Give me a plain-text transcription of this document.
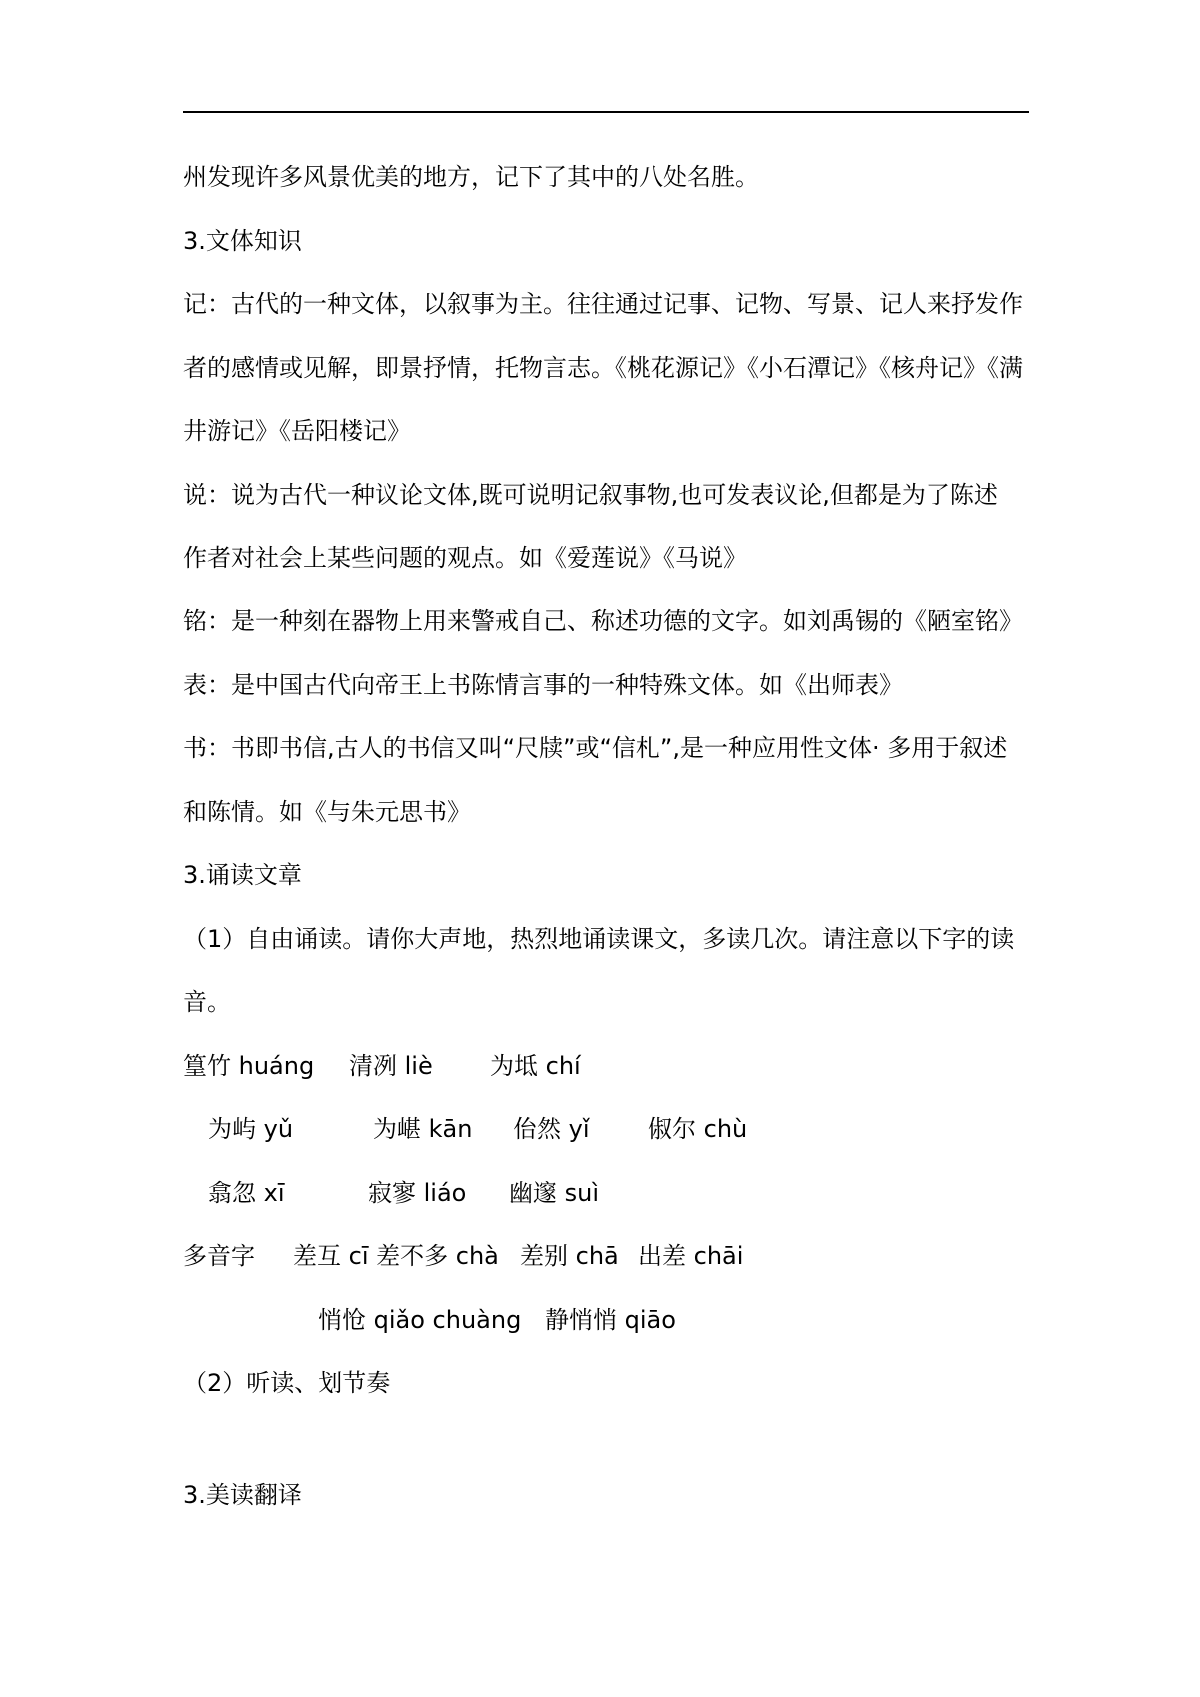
州发现许多风景优美的地方，记下了其中的八处名胜。
3.文体知识
记：古代的一种文体，以叙事为主。往往通过记事、记物、写景、记人来抒发作
者的感情或见解，即景抒情，托物言志。《桃花源记》《小石潭记》《核舟记》《满
井游记》《岳阳楼记》
说：说为古代一种议论文体,既可说明记叙事物,也可发表议论,但都是为了陈述
作者对社会上某些问题的观点。如《爱莲说》《马说》
铭：是一种刻在器物上用来警戒自己、称述功德的文字。如刘禹锡的《陋室铭》
表：是中国古代向帝王上书陈情言事的一种特殊文体。如《出师表》
书：书即书信,古人的书信又叫“尺牍”或“信札”,是一种应用性文体· 多用于叙述
和陈情。如《与朱元思书》
3.诵读文章
（1）自由诵读。请你大声地，热烈地诵读课文，多读几次。请注意以下字的读
音。
篁竹 huáng 清冽 liè 为坻 chí
为屿 yǔ	为嵁 kān 佁然 yǐ 俶尔 chù
翕忽 xī	寂寥 liáo 幽邃 suì
多音字 差互 cī 差不多 chà 差别 chā 出差 chāi
悄怆 qiǎo chuàng 静悄悄 qiāo
（2）听读、划节奏
3.美读翻译
